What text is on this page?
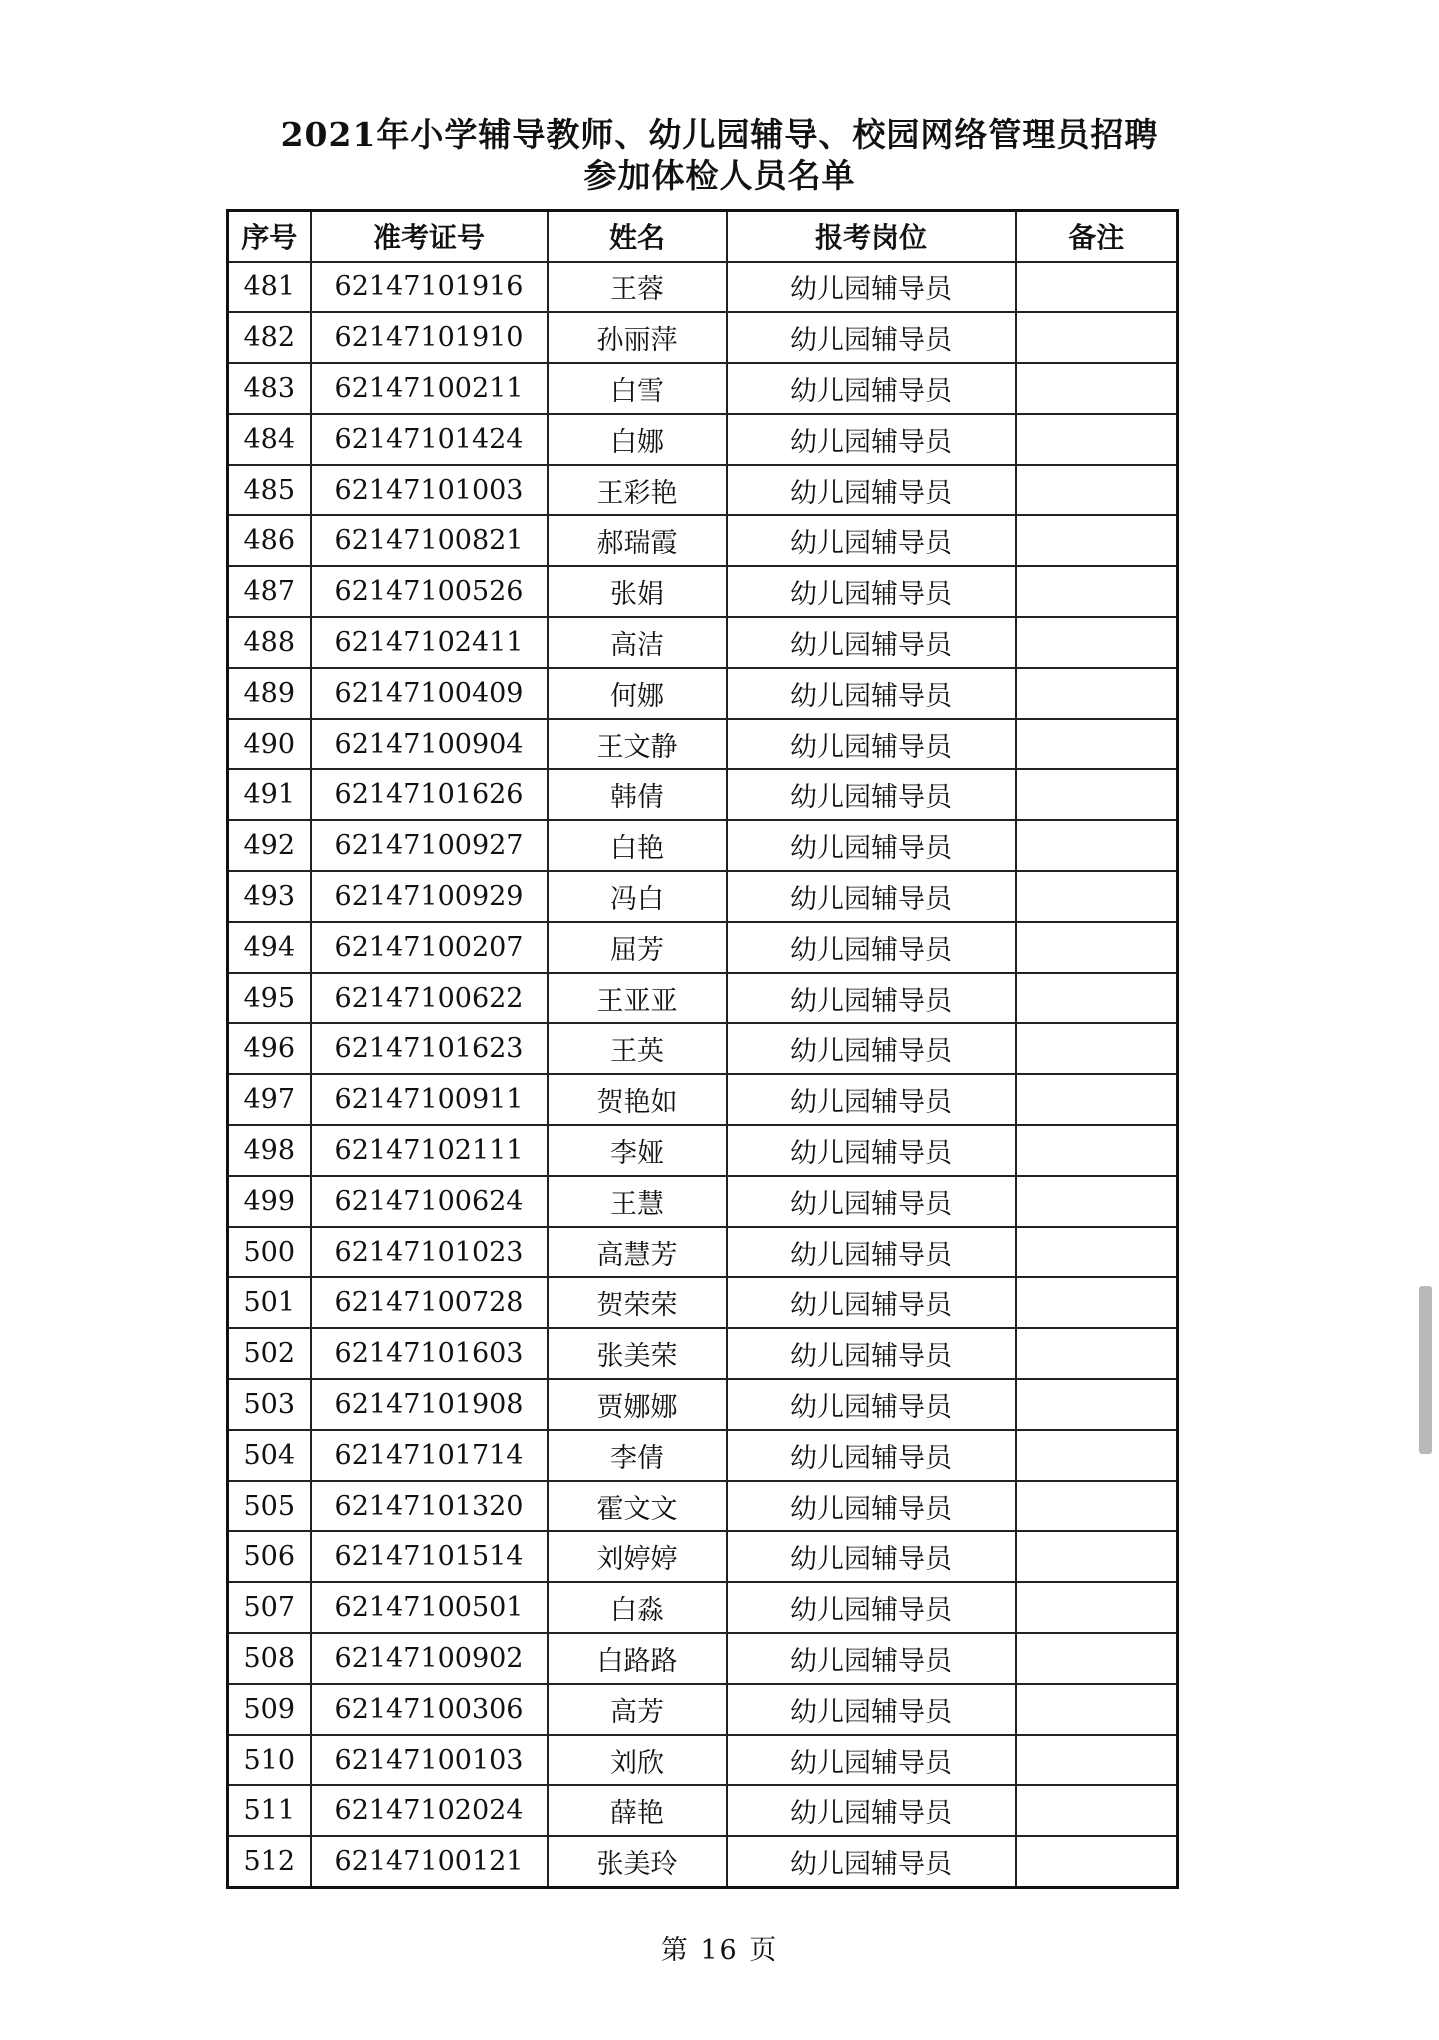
2021年小学辅导教师、幼儿园辅导、校园网络管理员招聘
参加体检人员名单
序号	准考证号	姓名	报考岗位	备注
481	62147101916	王蓉	幼儿园辅导员	
482	62147101910	孙丽萍	幼儿园辅导员	
483	62147100211	白雪	幼儿园辅导员	
484	62147101424	白娜	幼儿园辅导员	
485	62147101003	王彩艳	幼儿园辅导员	
486	62147100821	郝瑞霞	幼儿园辅导员	
487	62147100526	张娟	幼儿园辅导员	
488	62147102411	高洁	幼儿园辅导员	
489	62147100409	何娜	幼儿园辅导员	
490	62147100904	王文静	幼儿园辅导员	
491	62147101626	韩倩	幼儿园辅导员	
492	62147100927	白艳	幼儿园辅导员	
493	62147100929	冯白	幼儿园辅导员	
494	62147100207	屈芳	幼儿园辅导员	
495	62147100622	王亚亚	幼儿园辅导员	
496	62147101623	王英	幼儿园辅导员	
497	62147100911	贺艳如	幼儿园辅导员	
498	62147102111	李娅	幼儿园辅导员	
499	62147100624	王慧	幼儿园辅导员	
500	62147101023	高慧芳	幼儿园辅导员	
501	62147100728	贺荣荣	幼儿园辅导员	
502	62147101603	张美荣	幼儿园辅导员	
503	62147101908	贾娜娜	幼儿园辅导员	
504	62147101714	李倩	幼儿园辅导员	
505	62147101320	霍文文	幼儿园辅导员	
506	62147101514	刘婷婷	幼儿园辅导员	
507	62147100501	白淼	幼儿园辅导员	
508	62147100902	白路路	幼儿园辅导员	
509	62147100306	高芳	幼儿园辅导员	
510	62147100103	刘欣	幼儿园辅导员	
511	62147102024	薛艳	幼儿园辅导员	
512	62147100121	张美玲	幼儿园辅导员	
第 16 页
